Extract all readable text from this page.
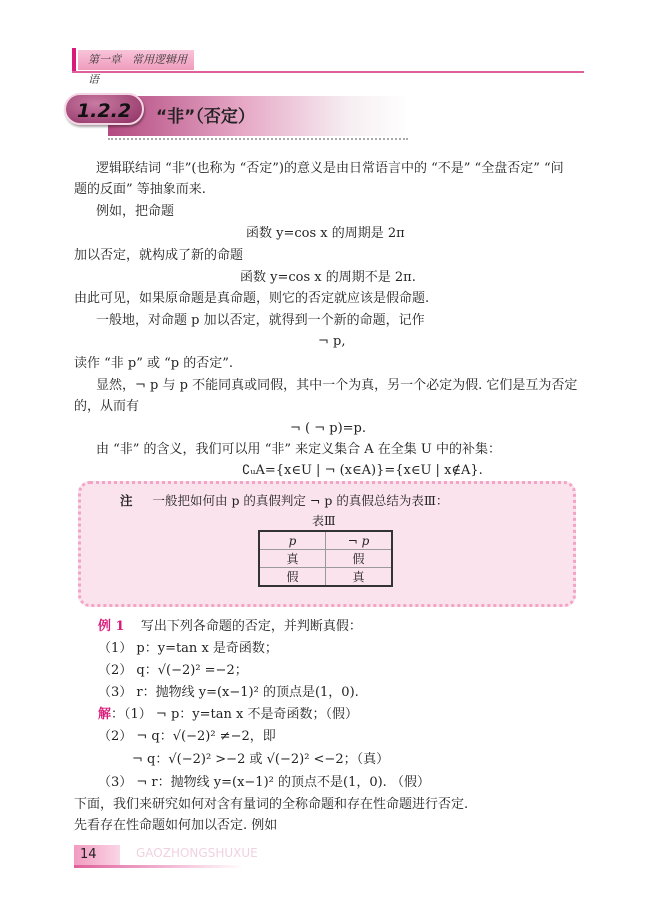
第一章　常用逻辑用语
1.2.2	“非”（否定）
逻辑联结词 “非”(也称为 “否定”)的意义是由日常语言中的 “不是” “全盘否定” “问
题的反面” 等抽象而来.
例如，把命题
函数 y=cos x 的周期是 2π
加以否定，就构成了新的命题
函数 y=cos x 的周期不是 2π.
由此可见，如果原命题是真命题，则它的否定就应该是假命题.
一般地，对命题 p 加以否定，就得到一个新的命题，记作
¬ p,
读作 “非 p” 或 “p 的否定”.
显然，¬ p 与 p 不能同真或同假，其中一个为真，另一个必定为假. 它们是互为否定
的，从而有
¬ ( ¬ p)=p.
由 “非” 的含义，我们可以用 “非” 来定义集合 A 在全集 U 中的补集：
∁ᵤA={x∈U | ¬ (x∈A)}={x∈U | x∉A}.
注 一般把如何由 p 的真假判定 ¬ p 的真假总结为表Ⅲ：
表Ⅲ
p	¬ p
真	假
假	真
例 1 写出下列各命题的否定，并判断真假：
（1） p：y=tan x 是奇函数；
（2） q：√(−2)² =−2；
（3） r：抛物线 y=(x−1)² 的顶点是(1，0).
解：（1） ¬ p：y=tan x 不是奇函数；（假）
（2） ¬ q：√(−2)² ≠−2，即
¬ q：√(−2)² >−2 或 √(−2)² <−2；（真）
（3） ¬ r：抛物线 y=(x−1)² 的顶点不是(1，0). （假）
下面，我们来研究如何对含有量词的全称命题和存在性命题进行否定.
先看存在性命题如何加以否定. 例如
14	GAOZHONGSHUXUE
